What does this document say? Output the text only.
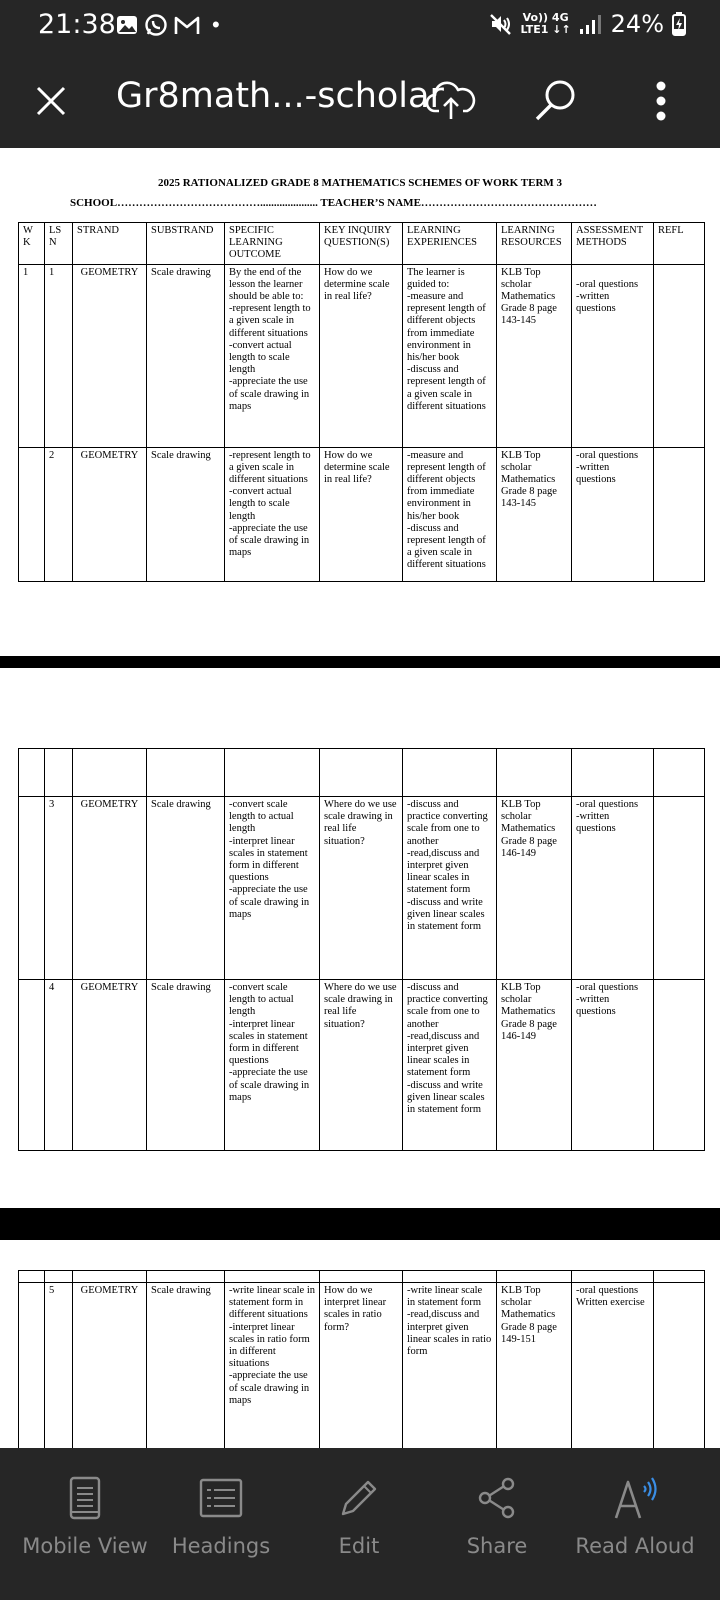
21:38	•	Vo)) 4G
LTE1 ↓↑ 24%
Gr8math...-scholar
2025 RATIONALIZED GRADE 8 MATHEMATICS SCHEMES OF WORK TERM 3
SCHOOL…………………………………..................... TEACHER’S NAME…………………………………………
W K	LS N	STRAND	SUBSTRAND	SPECIFIC LEARNING OUTCOME	KEY INQUIRY QUESTION(S)	LEARNING EXPERIENCES	LEARNING RESOURCES	ASSESSMENT METHODS	REFL
1	1	GEOMETRY	Scale drawing	By the end of the lesson the learner should be able to:
-represent length to a given scale in different situations
-convert actual length to scale length
-appreciate the use of scale drawing in maps	How do we determine scale in real life?	The learner is guided to:
-measure and represent length of different objects from immediate environment in his/her book
-discuss and represent length of a given scale in different situations	KLB Top scholar Mathematics Grade 8 page 143-145	
-oral questions
-written questions	
	2	GEOMETRY	Scale drawing	-represent length to a given scale in different situations
-convert actual length to scale length
-appreciate the use of scale drawing in maps	How do we determine scale in real life?	-measure and represent length of different objects from immediate environment in his/her book
-discuss and represent length of a given scale in different situations	KLB Top scholar Mathematics Grade 8 page 143-145	-oral questions
-written questions	

	3	GEOMETRY	Scale drawing	-convert scale length to actual length
-interpret linear scales in statement form in different questions
-appreciate the use of scale drawing in maps	Where do we use scale drawing in real life situation?	-discuss and practice converting scale from one to another
-read,discuss and interpret given linear scales in statement form
-discuss and write given linear scales in statement form	KLB Top scholar Mathematics Grade 8 page 146-149	-oral questions
-written questions	
	4	GEOMETRY	Scale drawing	-convert scale length to actual length
-interpret linear scales in statement form in different questions
-appreciate the use of scale drawing in maps	Where do we use scale drawing in real life situation?	-discuss and practice converting scale from one to another
-read,discuss and interpret given linear scales in statement form
-discuss and write given linear scales in statement form	KLB Top scholar Mathematics Grade 8 page 146-149	-oral questions
-written questions	

	5	GEOMETRY	Scale drawing	-write linear scale in statement form in different situations
-interpret linear scales in ratio form in different situations
-appreciate the use of scale drawing in maps	How do we interpret linear scales in ratio form?	-write linear scale in statement form
-read,discuss and interpret given linear scales in ratio form	KLB Top scholar Mathematics Grade 8 page 149-151	-oral questions
Written exercise	
Mobile View Headings	Edit	Share Read Aloud
